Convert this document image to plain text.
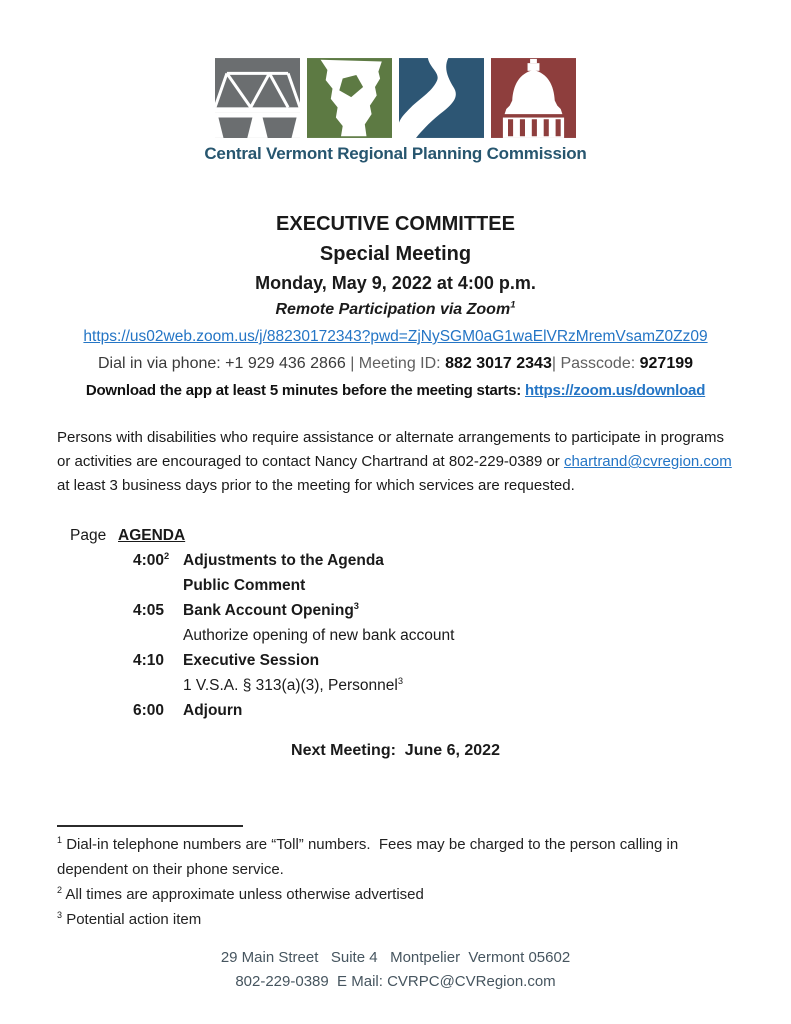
Central Vermont Regional Planning Commission
EXECUTIVE COMMITTEE
Special Meeting
Monday, May 9, 2022 at 4:00 p.m.
Remote Participation via Zoom$^1$
https://us02web.zoom.us/j/88230172343?pwd=ZjNySGM0aG1waElVRzMremVsamZ0Zz09
Dial in via phone: +1 929 436 2866 | Meeting ID: 882 3017 2343| Passcode: 927199
Download the app at least 5 minutes before the meeting starts: https://zoom.us/download

Persons with disabilities who require assistance or alternate arrangements to participate in programs or activities are encouraged to contact Nancy Chartrand at 802-229-0389 or chartrand@cvregion.com at least 3 business days prior to the meeting for which services are requested.

Page AGENDA
$4:00^2$ Adjustments to the Agenda
Public Comment
4:05	Bank Account Opening$^3$
Authorize opening of new bank account
4:10	Executive Session
1 V.S.A. § 313(a)(3), Personnel$^3$
6:00	Adjourn
Next Meeting:  June 6, 2022
$^1$ Dial-in telephone numbers are “Toll” numbers.  Fees may be charged to the person calling in dependent on their phone service.
$^2$ All times are approximate unless otherwise advertised
$^3$ Potential action item
29 Main Street   Suite 4   Montpelier  Vermont 05602
802-229-0389  E Mail: CVRPC@CVRegion.com
